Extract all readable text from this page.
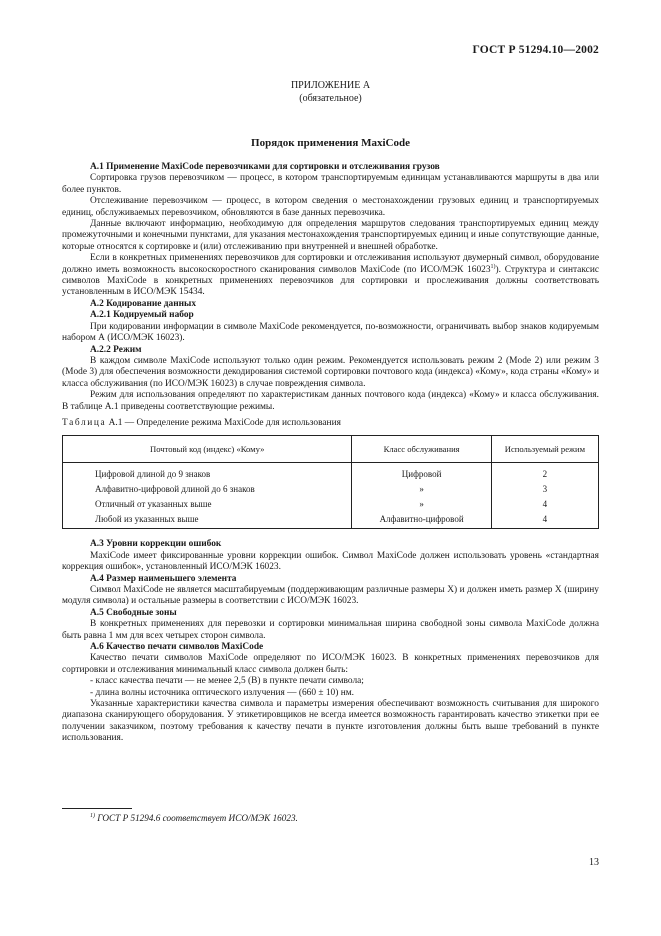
ГОСТ Р 51294.10—2002
ПРИЛОЖЕНИЕ А
(обязательное)
Порядок применения MaxiCode

А.1 Применение MaxiCode перевозчиками для сортировки и отслеживания грузов

Сортировка грузов перевозчиком — процесс, в котором транспортируемым единицам устанавливаются маршруты в два или более пунктов.

Отслеживание перевозчиком — процесс, в котором сведения о местонахождении грузовых единиц и транспортируемых единиц, обслуживаемых перевозчиком, обновляются в базе данных перевозчика.

Данные включают информацию, необходимую для определения маршрутов следования транспортируемых единиц между промежуточными и конечными пунктами, для указания местонахождения транспортируемых единиц и иные сопутствующие данные, которые относятся к сортировке и (или) отслеживанию при внутренней и внешней обработке.

Если в конкретных применениях перевозчиков для сортировки и отслеживания используют двумерный символ, оборудование должно иметь возможность высокоскоростного сканирования символов MaxiCode (по ИСО/МЭК 16023$^{1)}$). Структура и синтаксис символов MaxiCode в конкретных применениях перевозчиков для сортировки и прослеживания должны соответствовать установленным в ИСО/МЭК 15434.

А.2 Кодирование данных

А.2.1 Кодируемый набор

При кодировании информации в символе MaxiCode рекомендуется, по-возможности, ограничивать выбор знаков кодируемым набором А (ИСО/МЭК 16023).

А.2.2 Режим

В каждом символе MaxiCode используют только один режим. Рекомендуется использовать режим 2 (Mode 2) или режим 3 (Mode 3) для обеспечения возможности декодирования системой сортировки почтового кода (индекса) «Кому», кода страны «Кому» и класса обслуживания (по ИСО/МЭК 16023) в случае повреждения символа.

Режим для использования определяют по характеристикам данных почтового кода (индекса) «Кому» и класса обслуживания. В таблице А.1 приведены соответствующие режимы.

Таблица А.1 — Определение режима MaxiCode для использования

Почтовый код (индекс) «Кому»	Класс обслуживания	Используемый режим
Цифровой длиной до 9 знаков	Цифровой	2
Алфавитно-цифровой длиной до 6 знаков	»	3
Отличный от указанных выше	»	4
Любой из указанных выше	Алфавитно-цифровой	4

А.3 Уровни коррекции ошибок

MaxiCode имеет фиксированные уровни коррекции ошибок. Символ MaxiCode должен использовать уровень «стандартная коррекция ошибок», установленный ИСО/МЭК 16023.

А.4 Размер наименьшего элемента

Символ MaxiCode не является масштабируемым (поддерживающим различные размеры X) и должен иметь размер X (ширину модуля символа) и остальные размеры в соответствии с ИСО/МЭК 16023.

А.5 Свободные зоны

В конкретных применениях для перевозки и сортировки минимальная ширина свободной зоны символа MaxiCode должна быть равна 1 мм для всех четырех сторон символа.

А.6 Качество печати символов MaxiCode

Качество печати символов MaxiCode определяют по ИСО/МЭК 16023. В конкретных применениях перевозчиков для сортировки и отслеживания минимальный класс символа должен быть:

- класс качества печати — не менее 2,5 (В) в пункте печати символа;

- длина волны источника оптического излучения — (660 ± 10) нм.

Указанные характеристики качества символа и параметры измерения обеспечивают возможность считывания для широкого диапазона сканирующего оборудования. У этикетировщиков не всегда имеется возможность гарантировать качество этикетки при ее получении заказчиком, поэтому требования к качеству печати в пункте изготовления должны быть выше требований в пункте использования.

$^{1)}$ ГОСТ Р 51294.6 соответствует ИСО/МЭК 16023.
13
